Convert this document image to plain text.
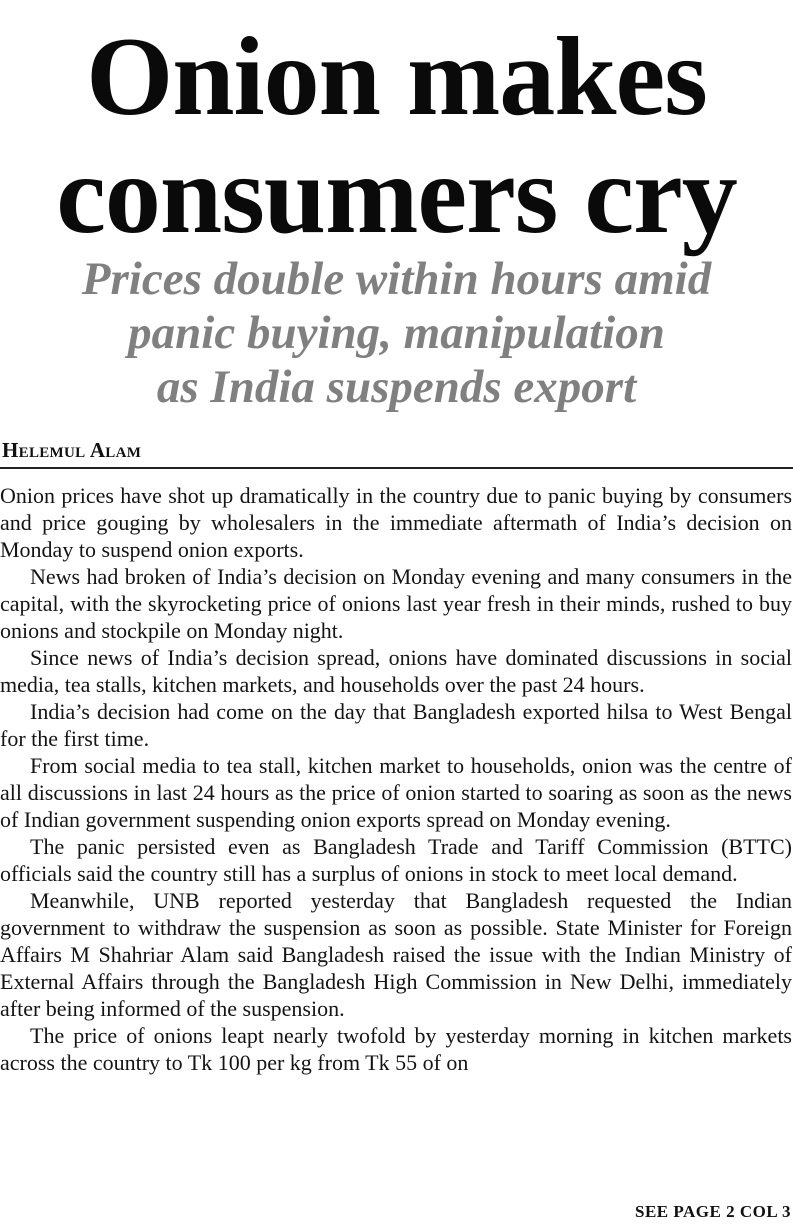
Onion makes
consumers cry
Prices double within hours amid
panic buying, manipulation
as India suspends export
Helemul Alam

Onion prices have shot up dramatically in the country due to panic buying by consumers and price gouging by wholesalers in the immediate aftermath of India’s decision on Monday to suspend onion exports.

News had broken of India’s decision on Monday evening and many consumers in the capital, with the skyrocketing price of onions last year fresh in their minds, rushed to buy onions and stockpile on Monday night.

Since news of India’s decision spread, onions have dominated discussions in social media, tea stalls, kitchen markets, and households over the past 24 hours.

India’s decision had come on the day that Bangladesh exported hilsa to West Bengal for the first time.

From social media to tea stall, kitchen market to households, onion was the centre of all discussions in last 24 hours as the price of onion started to soaring as soon as the news of Indian government suspending onion exports spread on Monday evening.

The panic persisted even as Bangladesh Trade and Tariff Commission (BTTC) officials said the country still has a surplus of onions in stock to meet local demand.

Meanwhile, UNB reported yesterday that Bangladesh requested the Indian government to withdraw the suspension as soon as possible. State Minister for Foreign Affairs M Shahriar Alam said Bangladesh raised the issue with the Indian Ministry of External Affairs through the Bangladesh High Commission in New Delhi, immediately after being informed of the suspension.

The price of onions leapt nearly twofold by yesterday morning in kitchen markets across the country to Tk 100 per kg from Tk 55 of on

SEE PAGE 2 COL 3
